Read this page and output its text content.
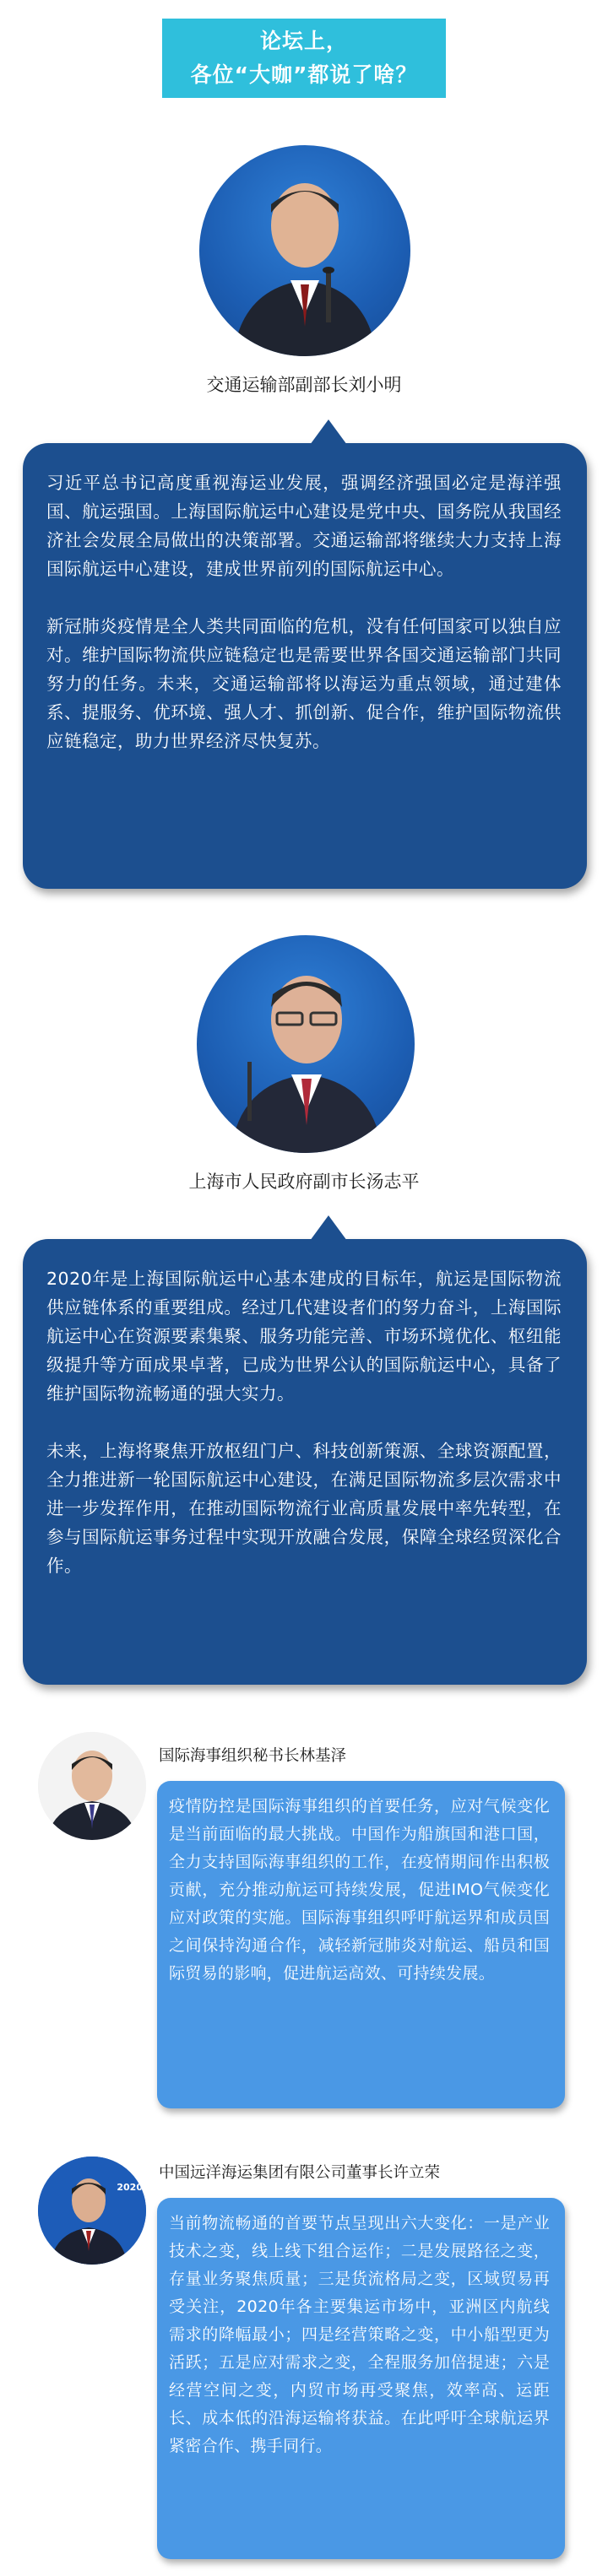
论坛上，
各位“大咖”都说了啥？
交通运输部副部长刘小明

习近平总书记高度重视海运业发展，强调经济强国必定是海洋强国、航运强国。上海国际航运中心建设是党中央、国务院从我国经济社会发展全局做出的决策部署。交通运输部将继续大力支持上海国际航运中心建设，建成世界前列的国际航运中心。

新冠肺炎疫情是全人类共同面临的危机，没有任何国家可以独自应对。维护国际物流供应链稳定也是需要世界各国交通运输部门共同努力的任务。未来，交通运输部将以海运为重点领域，通过建体系、提服务、优环境、强人才、抓创新、促合作，维护国际物流供应链稳定，助力世界经济尽快复苏。

上海市人民政府副市长汤志平

2020年是上海国际航运中心基本建成的目标年，航运是国际物流供应链体系的重要组成。经过几代建设者们的努力奋斗，上海国际航运中心在资源要素集聚、服务功能完善、市场环境优化、枢纽能级提升等方面成果卓著，已成为世界公认的国际航运中心，具备了维护国际物流畅通的强大实力。

未来，上海将聚焦开放枢纽门户、科技创新策源、全球资源配置，全力推进新一轮国际航运中心建设，在满足国际物流多层次需求中进一步发挥作用，在推动国际物流行业高质量发展中率先转型，在参与国际航运事务过程中实现开放融合发展，保障全球经贸深化合作。

国际海事组织秘书长林基泽
疫情防控是国际海事组织的首要任务，应对气候变化是当前面临的最大挑战。中国作为船旗国和港口国，全力支持国际海事组织的工作，在疫情期间作出积极贡献，充分推动航运可持续发展，促进IMO气候变化应对政策的实施。国际海事组织呼吁航运界和成员国之间保持沟通合作，减轻新冠肺炎对航运、船员和国际贸易的影响，促进航运高效、可持续发展。
2020
中国远洋海运集团有限公司董事长许立荣
当前物流畅通的首要节点呈现出六大变化：一是产业技术之变，线上线下组合运作；二是发展路径之变，存量业务聚焦质量；三是货流格局之变，区域贸易再受关注，2020年各主要集运市场中，亚洲区内航线需求的降幅最小；四是经营策略之变，中小船型更为活跃；五是应对需求之变，全程服务加倍提速；六是经营空间之变，内贸市场再受聚焦，效率高、运距长、成本低的沿海运输将获益。在此呼吁全球航运界紧密合作、携手同行。
